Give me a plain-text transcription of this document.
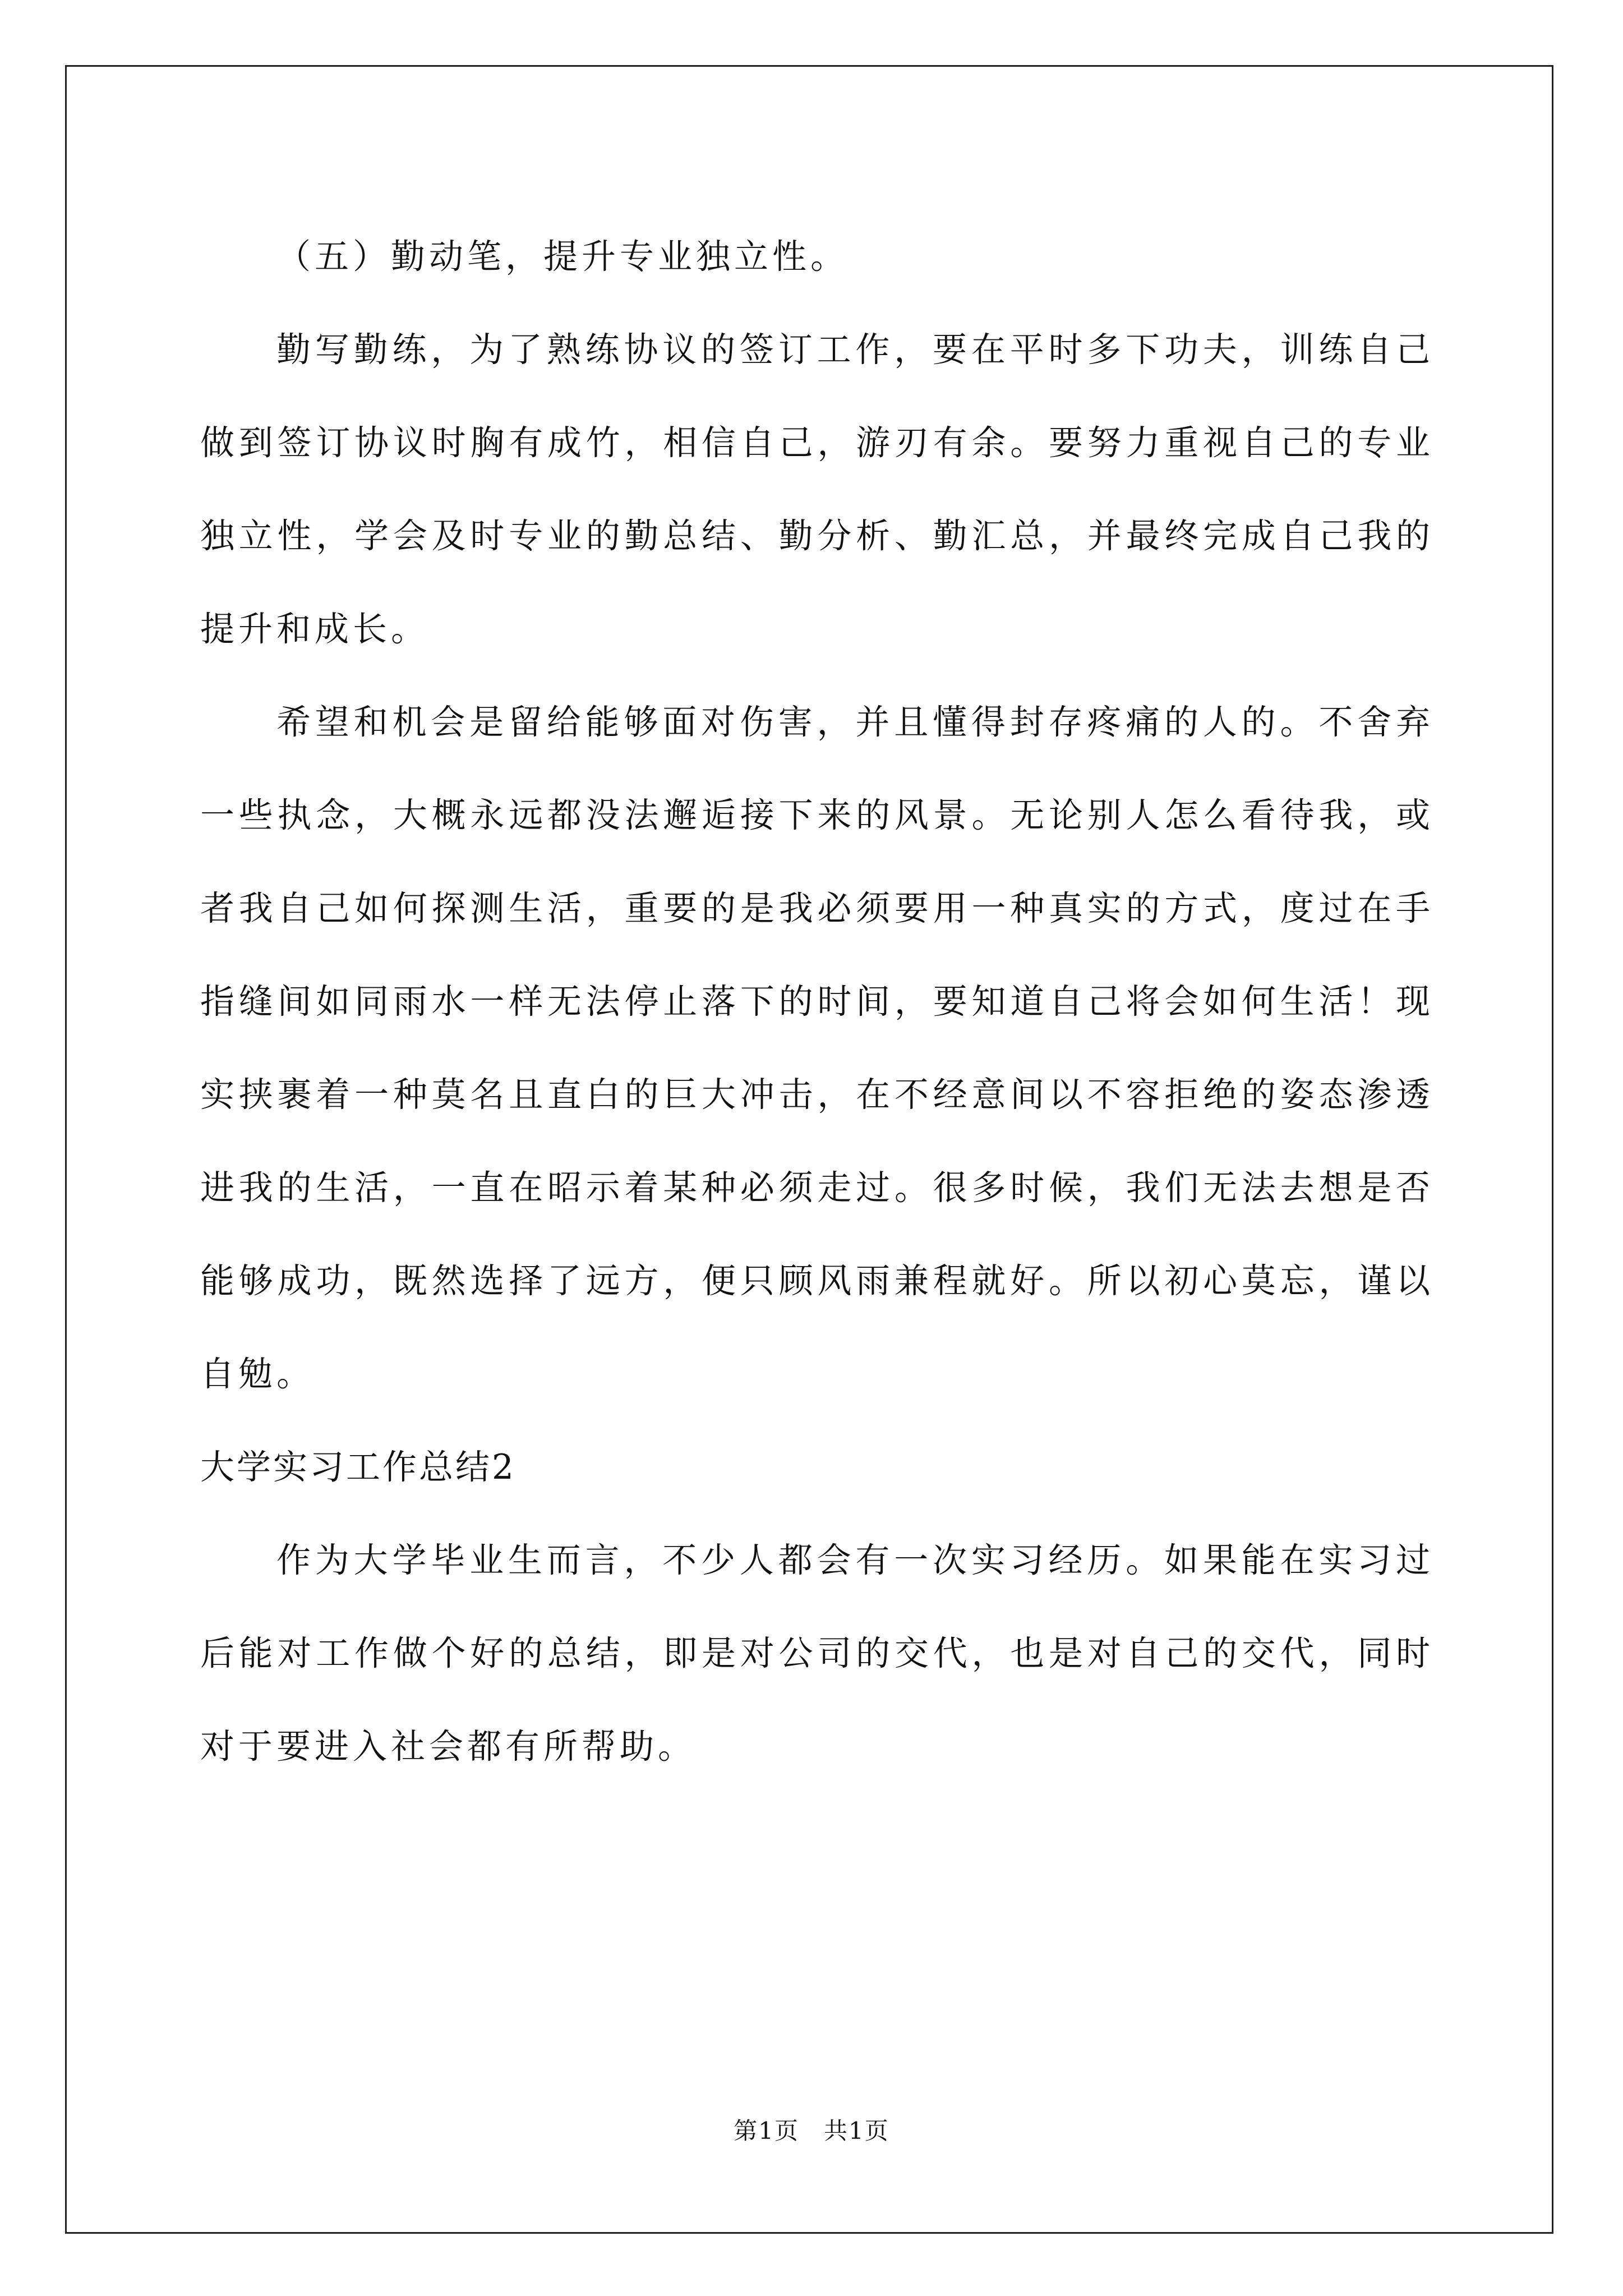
（五）勤动笔，提升专业独立性。

勤写勤练，为了熟练协议的签订工作，要在平时多下功夫，训练自己做到签订协议时胸有成竹，相信自己，游刃有余。要努力重视自己的专业独立性，学会及时专业的勤总结、勤分析、勤汇总，并最终完成自己我的提升和成长。

希望和机会是留给能够面对伤害，并且懂得封存疼痛的人的。不舍弃一些执念，大概永远都没法邂逅接下来的风景。无论别人怎么看待我，或者我自己如何探测生活，重要的是我必须要用一种真实的方式，度过在手指缝间如同雨水一样无法停止落下的时间，要知道自己将会如何生活！现实挟裹着一种莫名且直白的巨大冲击，在不经意间以不容拒绝的姿态渗透进我的生活，一直在昭示着某种必须走过。很多时候，我们无法去想是否能够成功，既然选择了远方，便只顾风雨兼程就好。所以初心莫忘，谨以自勉。

大学实习工作总结2

作为大学毕业生而言，不少人都会有一次实习经历。如果能在实习过后能对工作做个好的总结，即是对公司的交代，也是对自己的交代，同时对于要进入社会都有所帮助。

第1页 共1页
